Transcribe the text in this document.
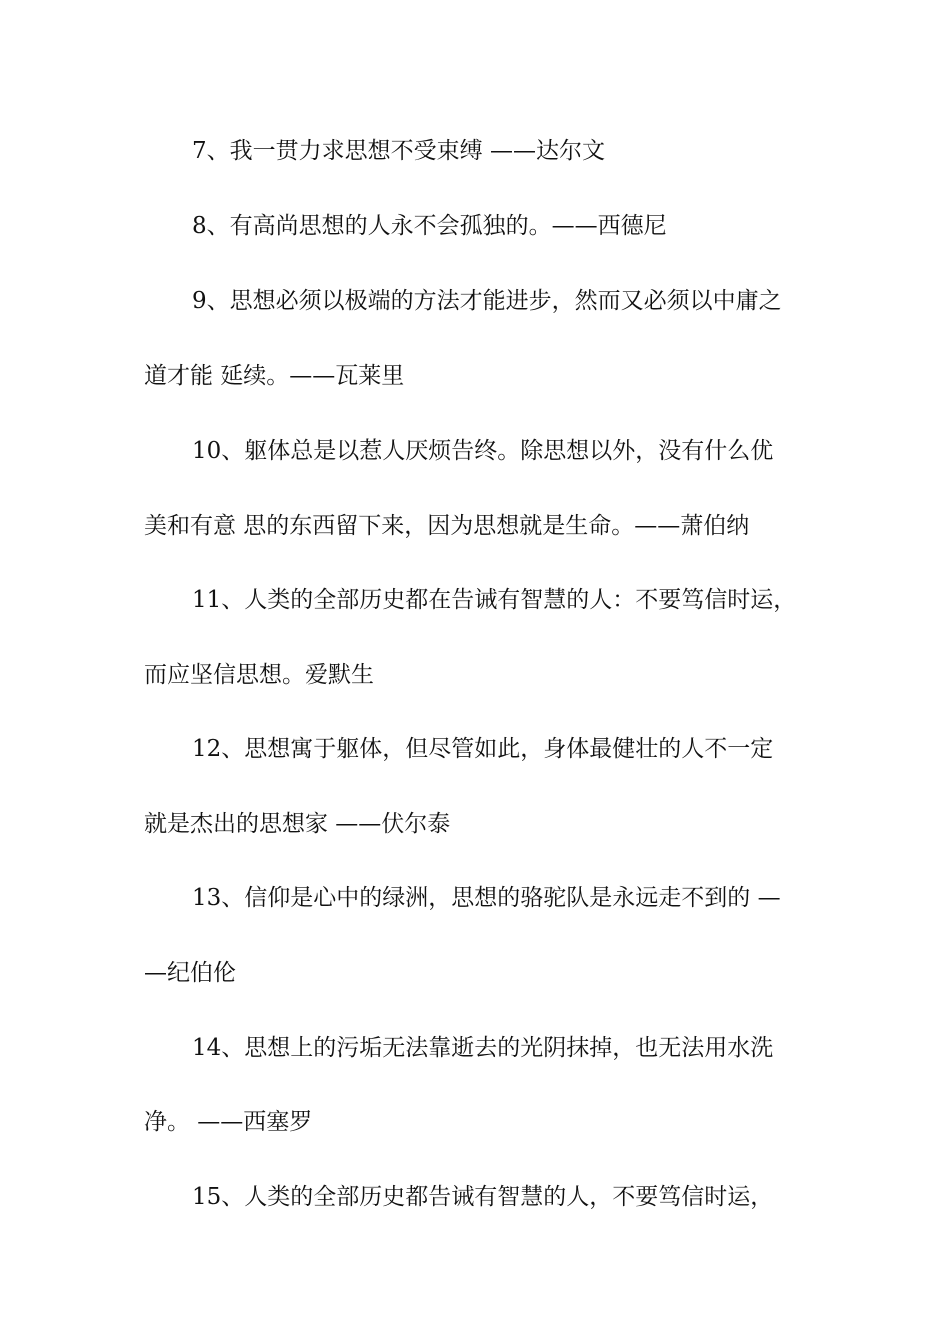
7、我一贯力求思想不受束缚 ——达尔文
8、有高尚思想的人永不会孤独的。——西德尼
9、思想必须以极端的方法才能进步，然而又必须以中庸之
道才能 延续。——瓦莱里
10、躯体总是以惹人厌烦告终。除思想以外，没有什么优
美和有意 思的东西留下来，因为思想就是生命。——萧伯纳
11、人类的全部历史都在告诫有智慧的人：不要笃信时运，
而应坚信思想。爱默生
12、思想寓于躯体，但尽管如此，身体最健壮的人不一定
就是杰出的思想家 ——伏尔泰
13、信仰是心中的绿洲，思想的骆驼队是永远走不到的 —
—纪伯伦
14、思想上的污垢无法靠逝去的光阴抹掉，也无法用水洗
净。 ——西塞罗
15、人类的全部历史都告诫有智慧的人，不要笃信时运，
